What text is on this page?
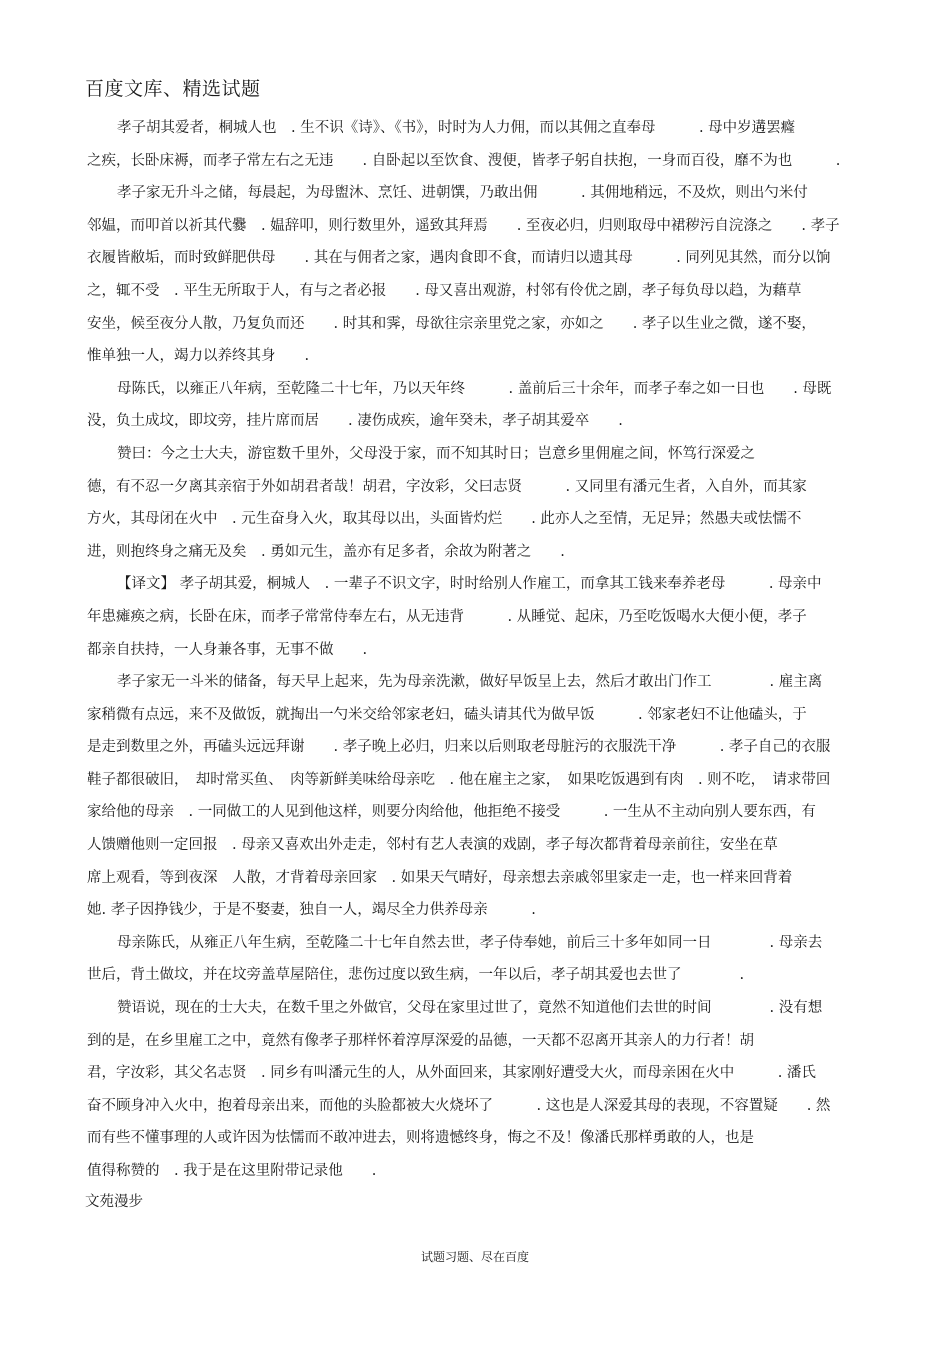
百度文库、精选试题
孝子胡其爱者，桐城人也　. 生不识《诗》、《书》，时时为人力佣，而以其佣之直奉母　　　. 母中岁遘罢癃
之疾，长卧床褥，而孝子常左右之无违　　. 自卧起以至饮食、溲便，皆孝子躬自扶抱，一身而百役，靡不为也　　　.
孝子家无升斗之储，每晨起，为母盥沐、烹饪、进朝馔，乃敢出佣　　　. 其佣地稍远，不及炊，则出勺米付
邻媪，而叩首以祈其代爨　. 媪辞叩，则行数里外，遥致其拜焉　　. 至夜必归，归则取母中裙秽污自浣涤之　　. 孝子
衣履皆敝垢，而时致鲜肥供母　　. 其在与佣者之家，遇肉食即不食，而请归以遗其母　　　. 同列见其然，而分以饷
之，辄不受　. 平生无所取于人，有与之者必报　　. 母又喜出观游，村邻有伶优之剧，孝子每负母以趋，为藉草
安坐，候至夜分人散，乃复负而还　　. 时其和霁，母欲往宗亲里党之家，亦如之　　. 孝子以生业之微，遂不娶，
惟单独一人，竭力以养终其身　　.
母陈氏，以雍正八年病，至乾隆二十七年，乃以天年终　　　. 盖前后三十余年，而孝子奉之如一日也　　. 母既
没，负土成坟，即坟旁，挂片席而居　　. 凄伤成疾，逾年癸未，孝子胡其爱卒　　.
赞曰：今之士大夫，游宦数千里外，父母没于家，而不知其时日；岂意乡里佣雇之间，怀笃行深爱之
德，有不忍一夕离其亲宿于外如胡君者哉！胡君，字汝彩，父曰志贤　　　. 又同里有潘元生者，入自外，而其家
方火，其母闭在火中　. 元生奋身入火，取其母以出，头面皆灼烂　　. 此亦人之至情，无足异；然愚夫或怯懦不
进，则抱终身之痛无及矣　. 勇如元生，盖亦有足多者，余故为附著之　　.
【译文】 孝子胡其爱，桐城人　. 一辈子不识文字，时时给别人作雇工，而拿其工钱来奉养老母　　　. 母亲中
年患瘫痪之病，长卧在床，而孝子常常侍奉左右，从无违背　　　. 从睡觉、起床，乃至吃饭喝水大便小便，孝子
都亲自扶持，一人身兼各事，无事不做　　.
孝子家无一斗米的储备，每天早上起来，先为母亲洗漱，做好早饭呈上去，然后才敢出门作工　　　　. 雇主离
家稍微有点远，来不及做饭，就掏出一勺米交给邻家老妇，磕头请其代为做早饭　　　. 邻家老妇不让他磕头，于
是走到数里之外，再磕头远远拜谢　　. 孝子晚上必归，归来以后则取老母脏污的衣服洗干净　　　. 孝子自己的衣服
鞋子都很破旧，　却时常买鱼、　肉等新鲜美味给母亲吃　. 他在雇主之家，　如果吃饭遇到有肉　. 则不吃，　请求带回
家给他的母亲　. 一同做工的人见到他这样，则要分肉给他，他拒绝不接受　　　. 一生从不主动向别人要东西，有
人馈赠他则一定回报　. 母亲又喜欢出外走走，邻村有艺人表演的戏剧，孝子每次都背着母亲前往，安坐在草
席上观看，等到夜深　人散，才背着母亲回家　. 如果天气晴好，母亲想去亲戚邻里家走一走，也一样来回背着
她. 孝子因挣钱少，于是不娶妻，独自一人，竭尽全力供养母亲　　　.
母亲陈氏，从雍正八年生病，至乾隆二十七年自然去世，孝子侍奉她，前后三十多年如同一日　　　　. 母亲去
世后，背土做坟，并在坟旁盖草屋陪住，悲伤过度以致生病，一年以后，孝子胡其爱也去世了　　　　.
赞语说，现在的士大夫，在数千里之外做官，父母在家里过世了，竟然不知道他们去世的时间　　　　. 没有想
到的是，在乡里雇工之中，竟然有像孝子那样怀着淳厚深爱的品德，一天都不忍离开其亲人的力行者！胡
君，字汝彩，其父名志贤　. 同乡有叫潘元生的人，从外面回来，其家刚好遭受大火，而母亲困在火中　　　. 潘氏
奋不顾身冲入火中，抱着母亲出来，而他的头脸都被大火烧坏了　　　. 这也是人深爱其母的表现，不容置疑　　. 然
而有些不懂事理的人或许因为怯懦而不敢冲进去，则将遗憾终身，悔之不及！像潘氏那样勇敢的人，也是
值得称赞的　. 我于是在这里附带记录他　　.
文苑漫步
试题习题、尽在百度
